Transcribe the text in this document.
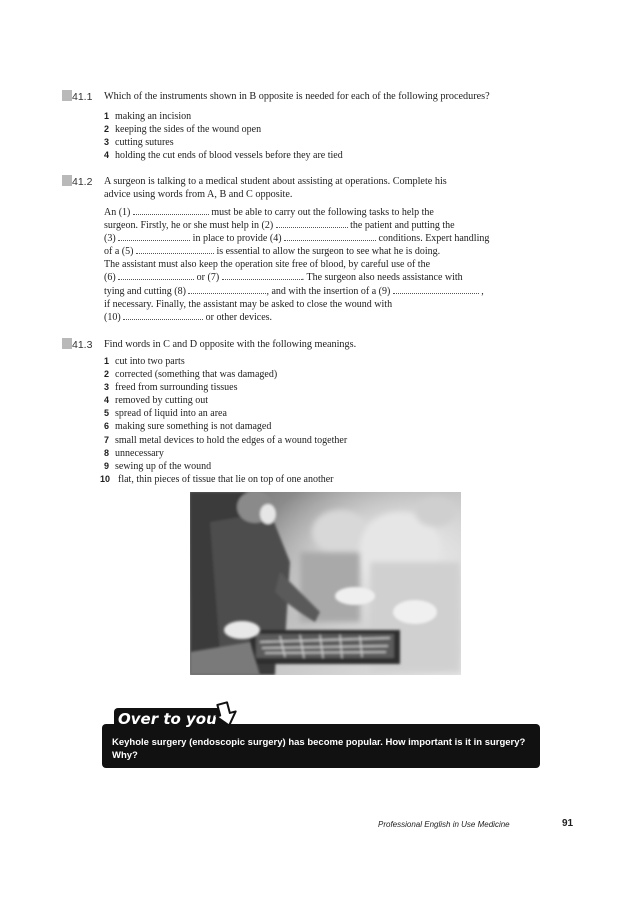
41.1 Which of the instruments shown in B opposite is needed for each of the following procedures?
1 making an incision
2 keeping the sides of the wound open
3 cutting sutures
4 holding the cut ends of blood vessels before they are tied
41.2 A surgeon is talking to a medical student about assisting at operations. Complete his
advice using words from A, B and C opposite.
An (1)	must be able to carry out the following tasks to help the
surgeon. Firstly, he or she must help in (2)	the patient and putting the
(3)	in place to provide (4)	conditions. Expert handling
of a (5)	is essential to allow the surgeon to see what he is doing.
The assistant must also keep the operation site free of blood, by careful use of the
(6)	or (7)	. The surgeon also needs assistance with
tying and cutting (8)	, and with the insertion of a (9)	,
if necessary. Finally, the assistant may be asked to close the wound with
(10)	or other devices.
41.3 Find words in C and D opposite with the following meanings.
1 cut into two parts
2 corrected (something that was damaged)
3 freed from surrounding tissues
4 removed by cutting out
5 spread of liquid into an area
6 making sure something is not damaged
7 small metal devices to hold the edges of a wound together
8 unnecessary
9 sewing up of the wound
10 flat, thin pieces of tissue that lie on top of one another
Keyhole surgery (endoscopic surgery) has become popular. How important is it in surgery? Why?
Over to you
Professional English in Use Medicine	91
